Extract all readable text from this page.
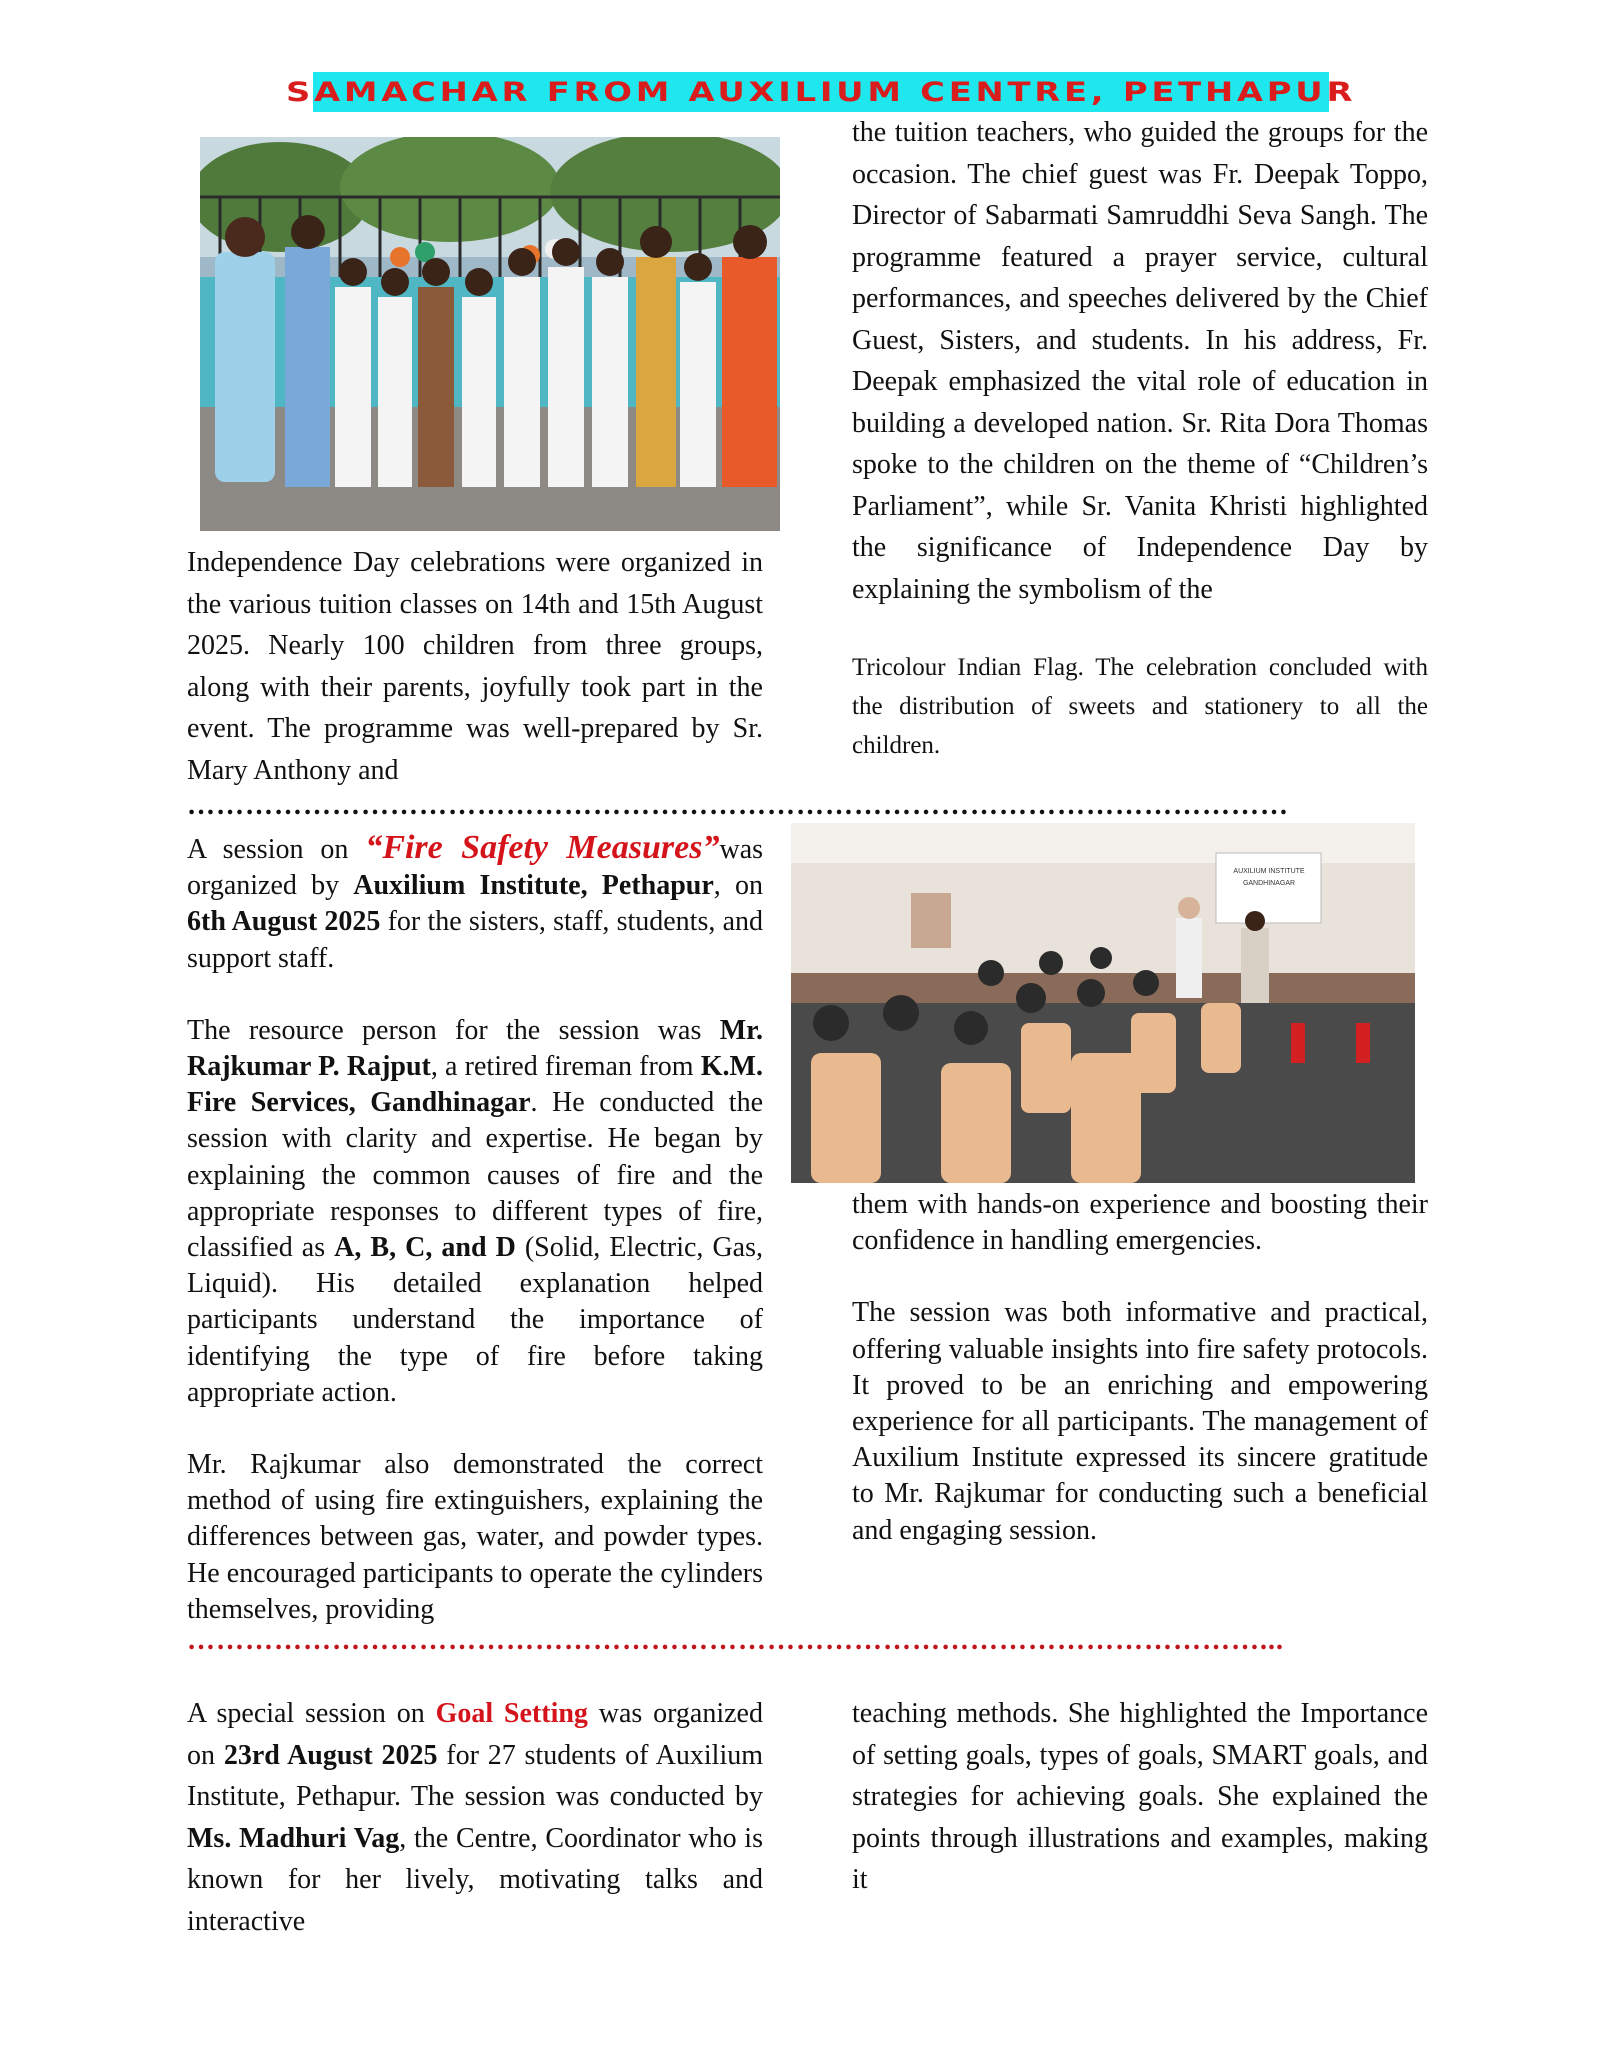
SAMACHAR FROM AUXILIUM CENTRE, PETHAPUR

Independence Day celebrations were organized in the various tuition classes on 14th and 15th August 2025. Nearly 100 children from three groups, along with their parents, joyfully took part in the event. The programme was well-prepared by Sr. Mary Anthony and

the tuition teachers, who guided the groups for the occasion. The chief guest was Fr. Deepak Toppo, Director of Sabarmati Samruddhi Seva Sangh. The programme featured a prayer service, cultural performances, and speeches delivered by the Chief Guest, Sisters, and students. In his address, Fr. Deepak emphasized the vital role of education in building a developed nation. Sr. Rita Dora Thomas spoke to the children on the theme of “Children’s Parliament”, while Sr. Vanita Khristi highlighted the significance of Independence Day by explaining the symbolism of the

Tricolour Indian Flag. The celebration concluded with the distribution of sweets and stationery to all the children.

……………………………………………………………………………………………………

A session on “Fire Safety Measures”was organized by Auxilium Institute, Pethapur, on 6th August 2025 for the sisters, staff, students, and support staff.

The resource person for the session was Mr. Rajkumar P. Rajput, a retired fireman from K.M. Fire Services, Gandhinagar. He conducted the session with clarity and expertise. He began by explaining the common causes of fire and the appropriate responses to different types of fire, classified as A, B, C, and D (Solid, Electric, Gas, Liquid). His detailed explanation helped participants understand the importance of identifying the type of fire before taking appropriate action.

Mr. Rajkumar also demonstrated the correct method of using fire extinguishers, explaining the differences between gas, water, and powder types. He encouraged participants to operate the cylinders themselves, providing

AUXILIUM INSTITUTE
GANDHINAGAR

them with hands-on experience and boosting their confidence in handling emergencies.

The session was both informative and practical, offering valuable insights into fire safety protocols. It proved to be an enriching and empowering experience for all participants. The management of Auxilium Institute expressed its sincere gratitude to Mr. Rajkumar for conducting such a beneficial and engaging session.

…………………………………………………………………………………………………...

A special session on Goal Setting was organized on 23rd August 2025 for 27 students of Auxilium Institute, Pethapur. The session was conducted by Ms. Madhuri Vag, the Centre, Coordinator who is known for her lively, motivating talks and interactive

teaching methods. She highlighted the Importance of setting goals, types of goals, SMART goals, and strategies for achieving goals. She explained the points through illustrations and examples, making it
